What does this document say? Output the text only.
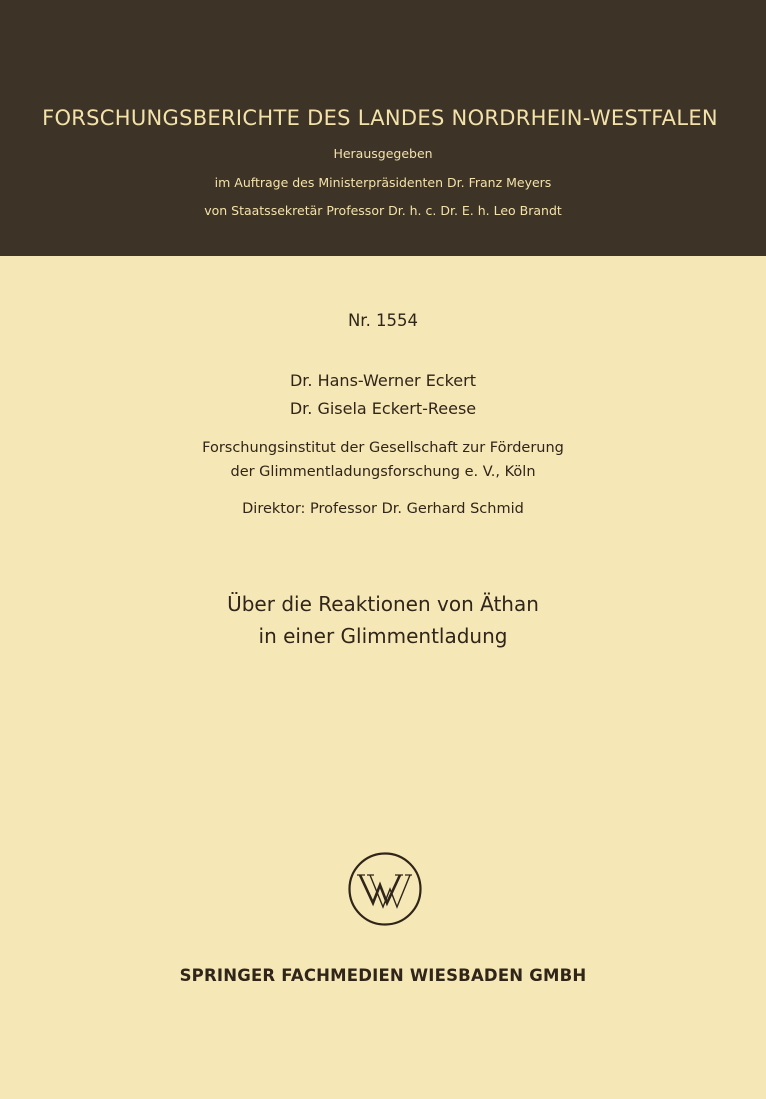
FORSCHUNGSBERICHTE DES LANDES NORDRHEIN-WESTFALEN
Herausgegeben
im Auftrage des Ministerpräsidenten Dr. Franz Meyers
von Staatssekretär Professor Dr. h. c. Dr. E. h. Leo Brandt
Nr. 1554
Dr. Hans-Werner Eckert
Dr. Gisela Eckert-Reese
Forschungsinstitut der Gesellschaft zur Förderung
der Glimmentladungsforschung e. V., Köln
Direktor: Professor Dr. Gerhard Schmid
Über die Reaktionen von Äthan
in einer Glimmentladung
SPRINGER FACHMEDIEN WIESBADEN GMBH
